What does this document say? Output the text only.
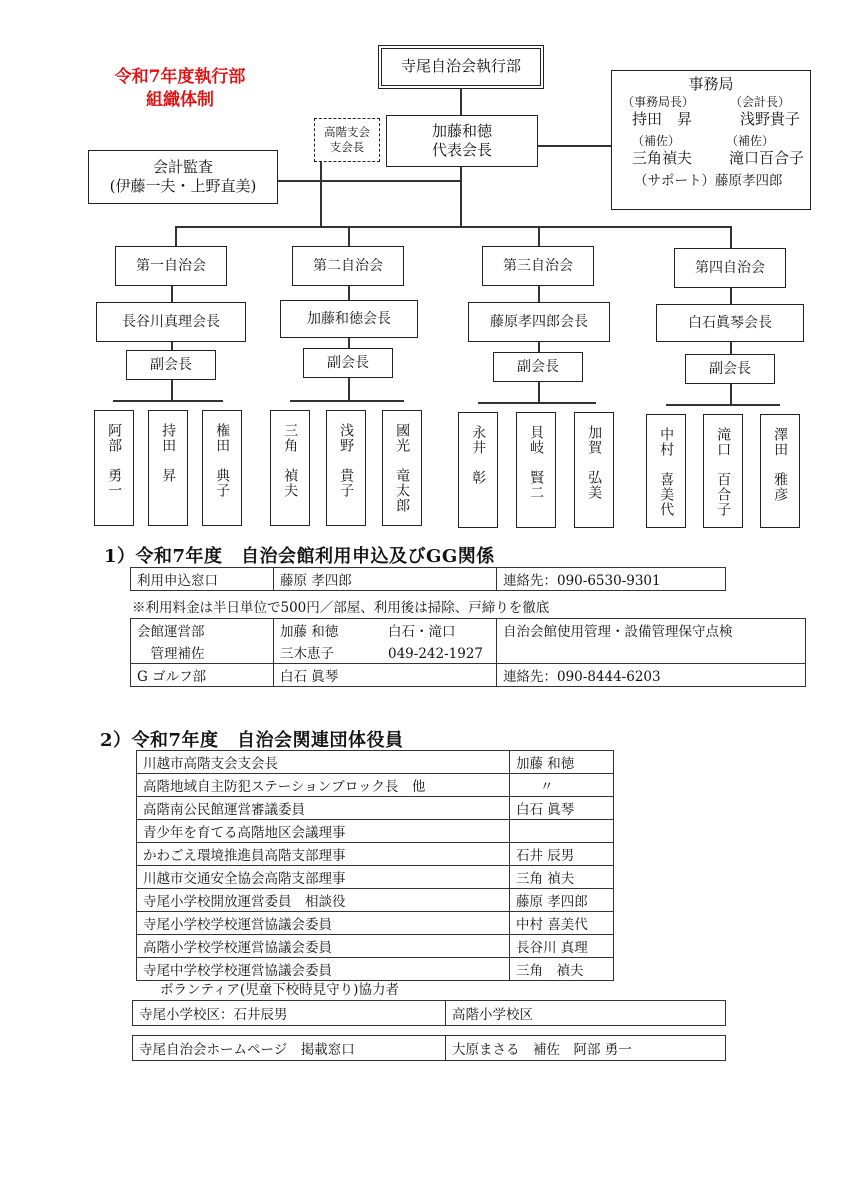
令和7年度執行部
組織体制
寺尾自治会執行部
加藤和徳
代表会長
高階支会
支会長
会計監査
(伊藤一夫・上野直美)
事務局
（事務局長）	（会計長）
持田　昇	浅野貴子
（補佐）	（補佐）
三角禎夫 滝口百合子
（サポート）藤原孝四郎
第一自治会
長谷川真理会長
副会長
阿部　勇一	持田　昇	権田　典子
第二自治会
加藤和徳会長
副会長
三角　禎夫	浅野　貴子	國光　竜太郎
第三自治会
藤原孝四郎会長
副会長
永井　彰	貝岐　賢二	加賀　弘美
第四自治会
白石眞琴会長
副会長
中村　喜美代	滝口　百合子	澤田　雅彦
1）令和7年度　自治会館利用申込及びGG関係
利用申込窓口	藤原 孝四郎	連絡先：090-6530-9301
※利用料金は半日単位で500円／部屋、利用後は掃除、戸締りを徹底
会館運営部	加藤 和徳 白石・滝口	自治会館使用管理・設備管理保守点検
　管理補佐	三木恵子 049-242-1927	
G ゴルフ部	白石 眞琴	連絡先：090-8444-6203
2）令和7年度　自治会関連団体役員
川越市高階支会支会長	加藤 和徳
高階地域自主防犯ステーションブロック長　他	〃
高階南公民館運営審議委員	白石 眞琴
青少年を育てる高階地区会議理事	
かわごえ環境推進員高階支部理事	石井 辰男
川越市交通安全協会高階支部理事	三角 禎夫
寺尾小学校開放運営委員　相談役	藤原 孝四郎
寺尾小学校学校運営協議会委員	中村 喜美代
高階小学校学校運営協議会委員	長谷川 真理
寺尾中学校学校運営協議会委員	三角　禎夫
ボランティア(児童下校時見守り)協力者
寺尾小学校区：石井辰男	高階小学校区
寺尾自治会ホームページ　掲載窓口	大原まさる　補佐　阿部 勇一
